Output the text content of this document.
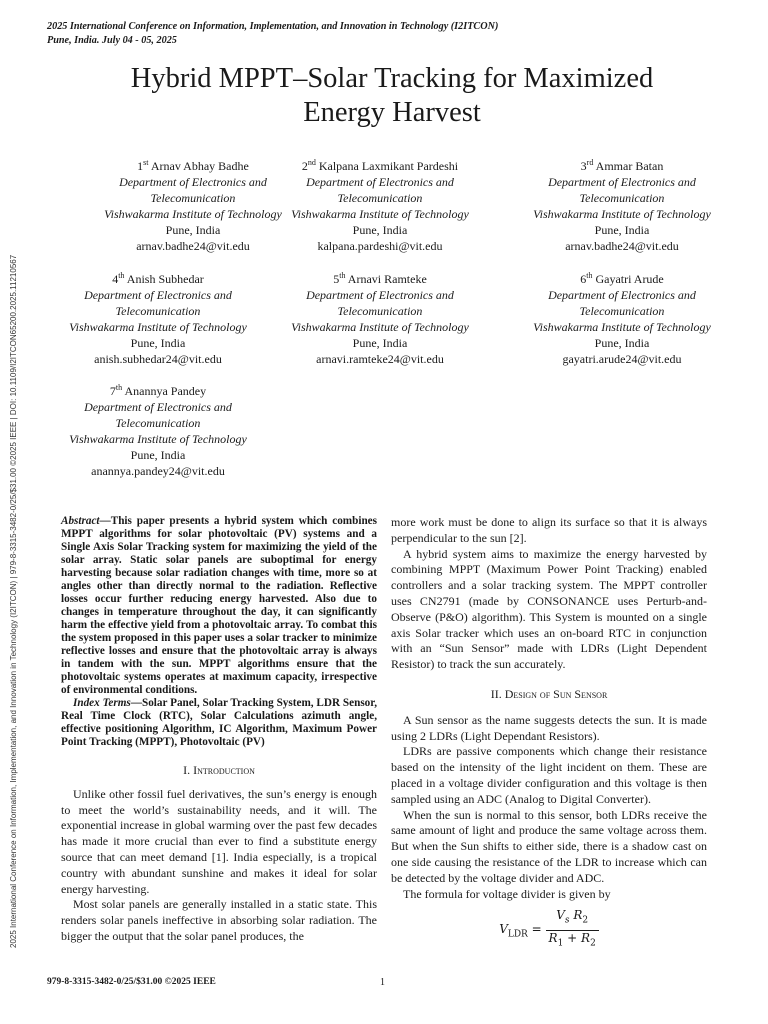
2025 International Conference on Information, Implementation, and Innovation in Technology (I2ITCON) | 979-8-3315-3482-0/25/$31.00 ©2025 IEEE | DOI: 10.1109/I2ITCON65200.2025.11210567
2025 International Conference on Information, Implementation, and Innovation in Technology (I2ITCON)
Pune, India. July 04 - 05, 2025
Hybrid MPPT–Solar Tracking for Maximized
Energy Harvest
1st Arnav Abhay Badhe
Department of Electronics and
Telecomunication
Vishwakarma Institute of Technology
Pune, India
arnav.badhe24@vit.edu
2nd Kalpana Laxmikant Pardeshi
Department of Electronics and
Telecomunication
Vishwakarma Institute of Technology
Pune, India
kalpana.pardeshi@vit.edu
3rd Ammar Batan
Department of Electronics and
Telecomunication
Vishwakarma Institute of Technology
Pune, India
arnav.badhe24@vit.edu
4th Anish Subhedar
Department of Electronics and
Telecomunication
Vishwakarma Institute of Technology
Pune, India
anish.subhedar24@vit.edu
5th Arnavi Ramteke
Department of Electronics and
Telecomunication
Vishwakarma Institute of Technology
Pune, India
arnavi.ramteke24@vit.edu
6th Gayatri Arude
Department of Electronics and
Telecomunication
Vishwakarma Institute of Technology
Pune, India
gayatri.arude24@vit.edu
7th Anannya Pandey
Department of Electronics and
Telecomunication
Vishwakarma Institute of Technology
Pune, India
anannya.pandey24@vit.edu

Abstract—This paper presents a hybrid system which combines MPPT algorithms for solar photovoltaic (PV) systems and a Single Axis Solar Tracking system for maximizing the yield of the solar array. Static solar panels are suboptimal for energy harvesting because solar radiation changes with time, more so at angles other than directly normal to the radiation. Reflective losses occur further reducing energy harvested. Also due to changes in temperature throughout the day, it can significantly harm the effective yield from a photovoltaic array. To combat this the system proposed in this paper uses a solar tracker to minimize reflective losses and ensure that the photovoltaic array is always in tandem with the sun. MPPT algorithms ensure that the photovoltaic systems operates at maximum capacity, irrespective of environmental conditions.

Index Terms—Solar Panel, Solar Tracking System, LDR Sensor, Real Time Clock (RTC), Solar Calculations azimuth angle, effective positioning Algorithm, IC Algorithm, Maximum Power Point Tracking (MPPT), Photovoltaic (PV)

I. Introduction

Unlike other fossil fuel derivatives, the sun’s energy is enough to meet the world’s sustainability needs, and it will. The exponential increase in global warming over the past few decades has made it more crucial than ever to find a substitute energy source that can meet demand [1]. India especially, is a tropical country with abundant sunshine and makes it ideal for solar energy harvesting.

Most solar panels are generally installed in a static state. This renders solar panels ineffective in absorbing solar radiation. The bigger the output that the solar panel produces, the

more work must be done to align its surface so that it is always perpendicular to the sun [2].

A hybrid system aims to maximize the energy harvested by combining MPPT (Maximum Power Point Tracking) enabled controllers and a solar tracking system. The MPPT controller uses CN2791 (made by CONSONANCE uses Perturb-and-Observe (P&O) algorithm). This System is mounted on a single axis Solar tracker which uses an on-board RTC in conjunction with an “Sun Sensor” made with LDRs (Light Dependent Resistor) to track the sun accurately.

II. Design of Sun Sensor

A Sun sensor as the name suggests detects the sun. It is made using 2 LDRs (Light Dependant Resistors).

LDRs are passive components which change their resistance based on the intensity of the light incident on them. These are placed in a voltage divider configuration and this voltage is then sampled using an ADC (Analog to Digital Converter).

When the sun is normal to this sensor, both LDRs receive the same amount of light and produce the same voltage across them. But when the Sun shifts to either side, there is a shadow cast on one side causing the resistance of the LDR to increase which can be detected by the voltage divider and ADC.

The formula for voltage divider is given by

$V_{LDR} = \frac{V_s R_2}{R_1 + R_2}$
979-8-3315-3482-0/25/$31.00 ©2025 IEEE	1
